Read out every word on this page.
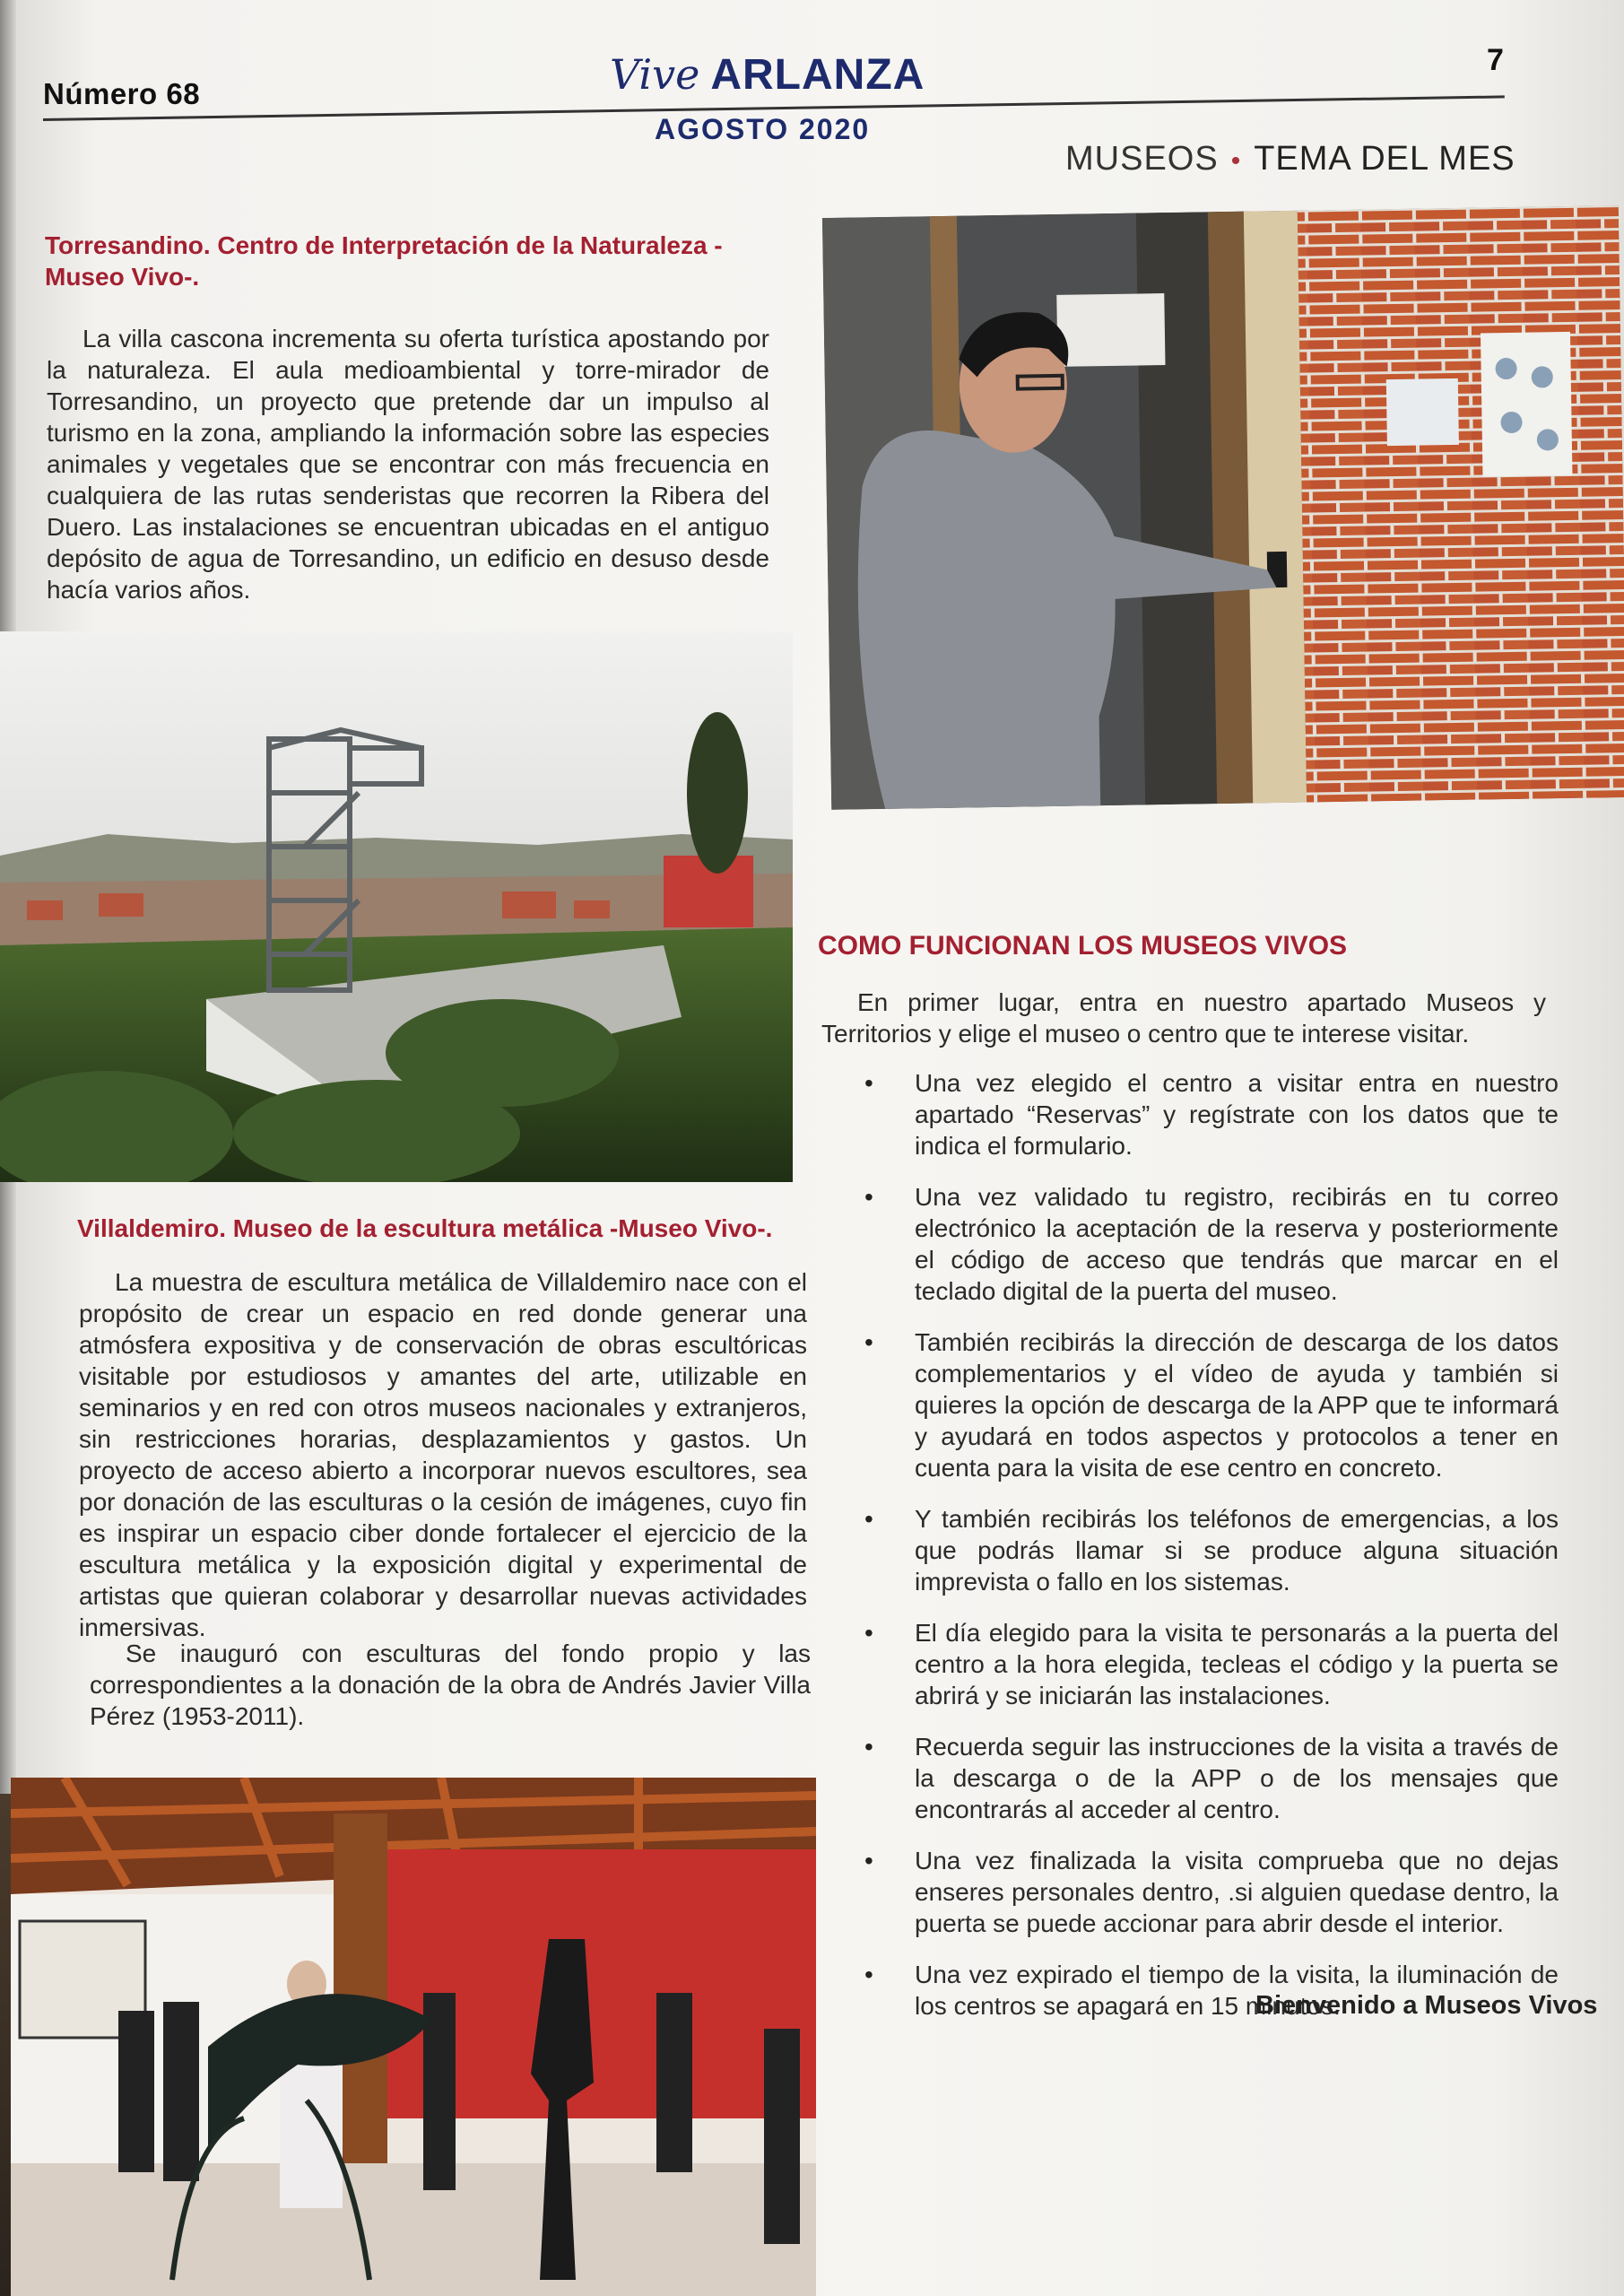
Número 68	Vive ARLANZA
AGOSTO 2020
7
MUSEOS • TEMA DEL MES
Torresandino. Centro de Interpretación de la Naturaleza -Museo Vivo-.

La villa cascona incrementa su oferta turística apostando por la naturaleza. El aula medioambiental y torre-mirador de Torresandino, un proyecto que pretende dar un impulso al turismo en la zona, ampliando la información sobre las especies animales y vegetales que se encontrar con más frecuencia en cualquiera de las rutas senderistas que recorren la Ribera del Duero. Las instalaciones se encuentran ubicadas en el antiguo depósito de agua de Torresandino, un edificio en desuso desde hacía varios años.

Villaldemiro. Museo de la escultura metálica -Museo Vivo-.

La muestra de escultura metálica de Villaldemiro nace con el propósito de crear un espacio en red donde generar una atmósfera expositiva y de conservación de obras escultóricas visitable por estudiosos y amantes del arte, utilizable en seminarios y en red con otros museos nacionales y extranjeros, sin restricciones horarias, desplazamientos y gastos. Un proyecto de acceso abierto a incorporar nuevos escultores, sea por donación de las esculturas o la cesión de imágenes, cuyo fin es inspirar un espacio ciber donde fortalecer el ejercicio de la escultura metálica y la exposición digital y experimental de artistas que quieran colaborar y desarrollar nuevas actividades inmersivas.

Se inauguró con esculturas del fondo propio y las correspondientes a la donación de la obra de Andrés Javier Villa Pérez (1953-2011).

COMO FUNCIONAN LOS MUSEOS VIVOS

En primer lugar, entra en nuestro apartado Museos y Territorios y elige el museo o centro que te interese visitar.

• Una vez elegido el centro a visitar entra en nuestro apartado “Reservas” y regístrate con los datos que te indica el formulario.
• Una vez validado tu registro, recibirás en tu correo electrónico la aceptación de la reserva y posteriormente el código de acceso que tendrás que marcar en el teclado digital de la puerta del museo.
• También recibirás la dirección de descarga de los datos complementarios y el vídeo de ayuda y también si quieres la opción de descarga de la APP que te informará y ayudará en todos aspectos y protocolos a tener en cuenta para la visita de ese centro en concreto.
• Y también recibirás los teléfonos de emergencias, a los que podrás llamar si se produce alguna situación imprevista o fallo en los sistemas.
• El día elegido para la visita te personarás a la puerta del centro a la hora elegida, tecleas el código y la puerta se abrirá y se iniciarán las instalaciones.
• Recuerda seguir las instrucciones de la visita a través de la descarga o de la APP o de los mensajes que encontrarás al acceder al centro.
• Una vez finalizada la visita comprueba que no dejas enseres personales dentro, .si alguien quedase dentro, la puerta se puede accionar para abrir desde el interior.
• Una vez expirado el tiempo de la visita, la iluminación de los centros se apagará en 15 minutos.
Bienvenido a Museos Vivos
